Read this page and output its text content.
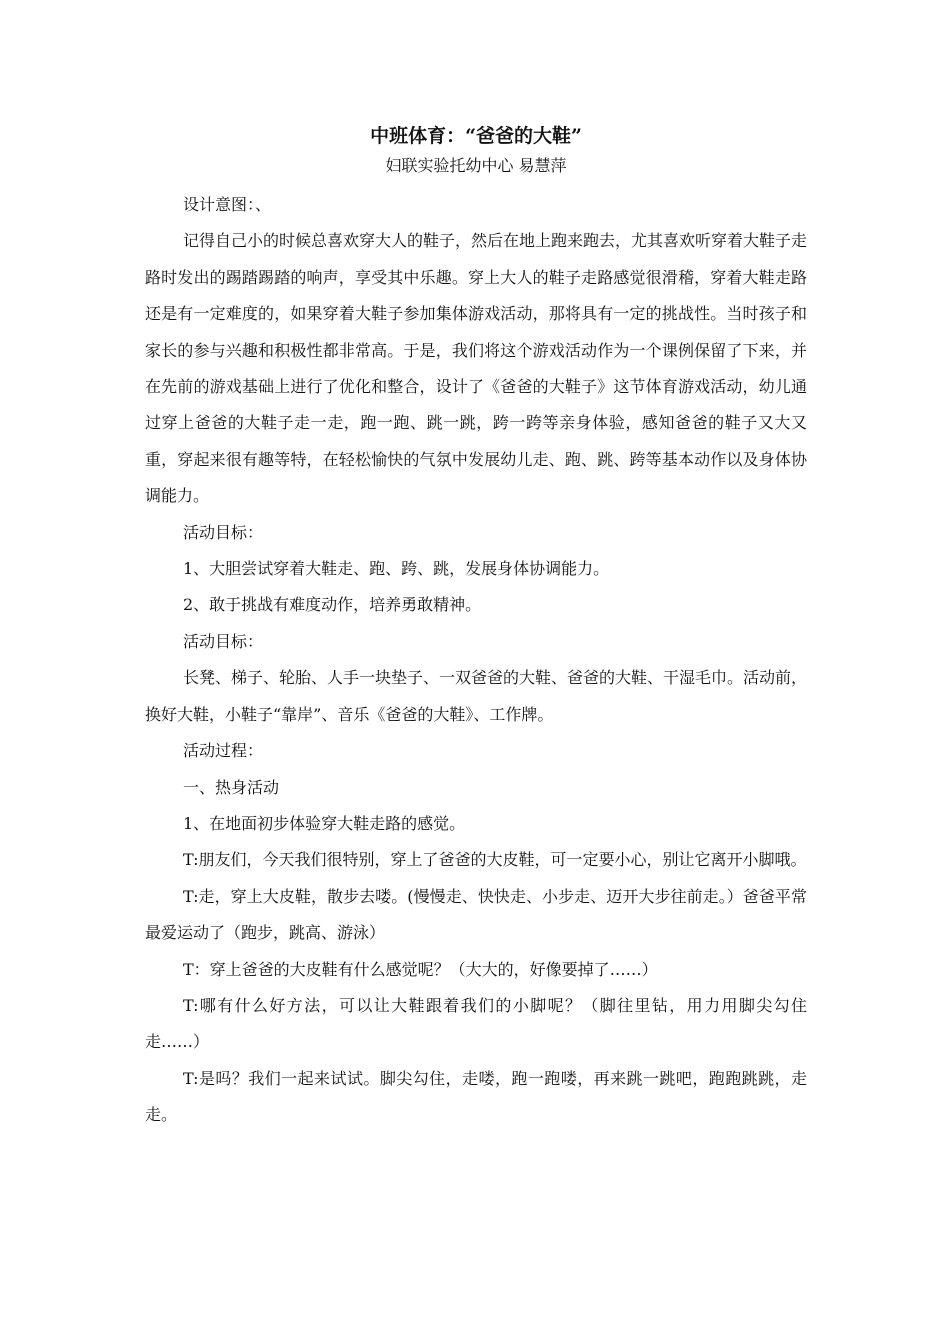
中班体育：“爸爸的大鞋”

妇联实验托幼中心 易慧萍

设计意图：、

记得自己小的时候总喜欢穿大人的鞋子，然后在地上跑来跑去，尤其喜欢听穿着大鞋子走路时发出的踢踏踢踏的响声，享受其中乐趣。穿上大人的鞋子走路感觉很滑稽，穿着大鞋走路还是有一定难度的，如果穿着大鞋子参加集体游戏活动，那将具有一定的挑战性。当时孩子和家长的参与兴趣和积极性都非常高。于是，我们将这个游戏活动作为一个课例保留了下来，并在先前的游戏基础上进行了优化和整合，设计了《爸爸的大鞋子》这节体育游戏活动，幼儿通过穿上爸爸的大鞋子走一走，跑一跑、跳一跳，跨一跨等亲身体验，感知爸爸的鞋子又大又重，穿起来很有趣等特，在轻松愉快的气氛中发展幼儿走、跑、跳、跨等基本动作以及身体协调能力。

活动目标：

1、大胆尝试穿着大鞋走、跑、跨、跳，发展身体协调能力。

2、敢于挑战有难度动作，培养勇敢精神。

活动目标：

长凳、梯子、轮胎、人手一块垫子、一双爸爸的大鞋、爸爸的大鞋、干湿毛巾。活动前，换好大鞋，小鞋子“靠岸”、音乐《爸爸的大鞋》、工作牌。

活动过程：

一、热身活动

1、在地面初步体验穿大鞋走路的感觉。

T:朋友们，今天我们很特别，穿上了爸爸的大皮鞋，可一定要小心，别让它离开小脚哦。

T:走，穿上大皮鞋，散步去喽。(慢慢走、快快走、小步走、迈开大步往前走。）爸爸平常最爱运动了（跑步，跳高、游泳）

T：穿上爸爸的大皮鞋有什么感觉呢？（大大的，好像要掉了……）

T:哪有什么好方法，可以让大鞋跟着我们的小脚呢？（脚往里钻，用力用脚尖勾住走……）

T:是吗？我们一起来试试。脚尖勾住，走喽，跑一跑喽，再来跳一跳吧，跑跑跳跳，走走。
